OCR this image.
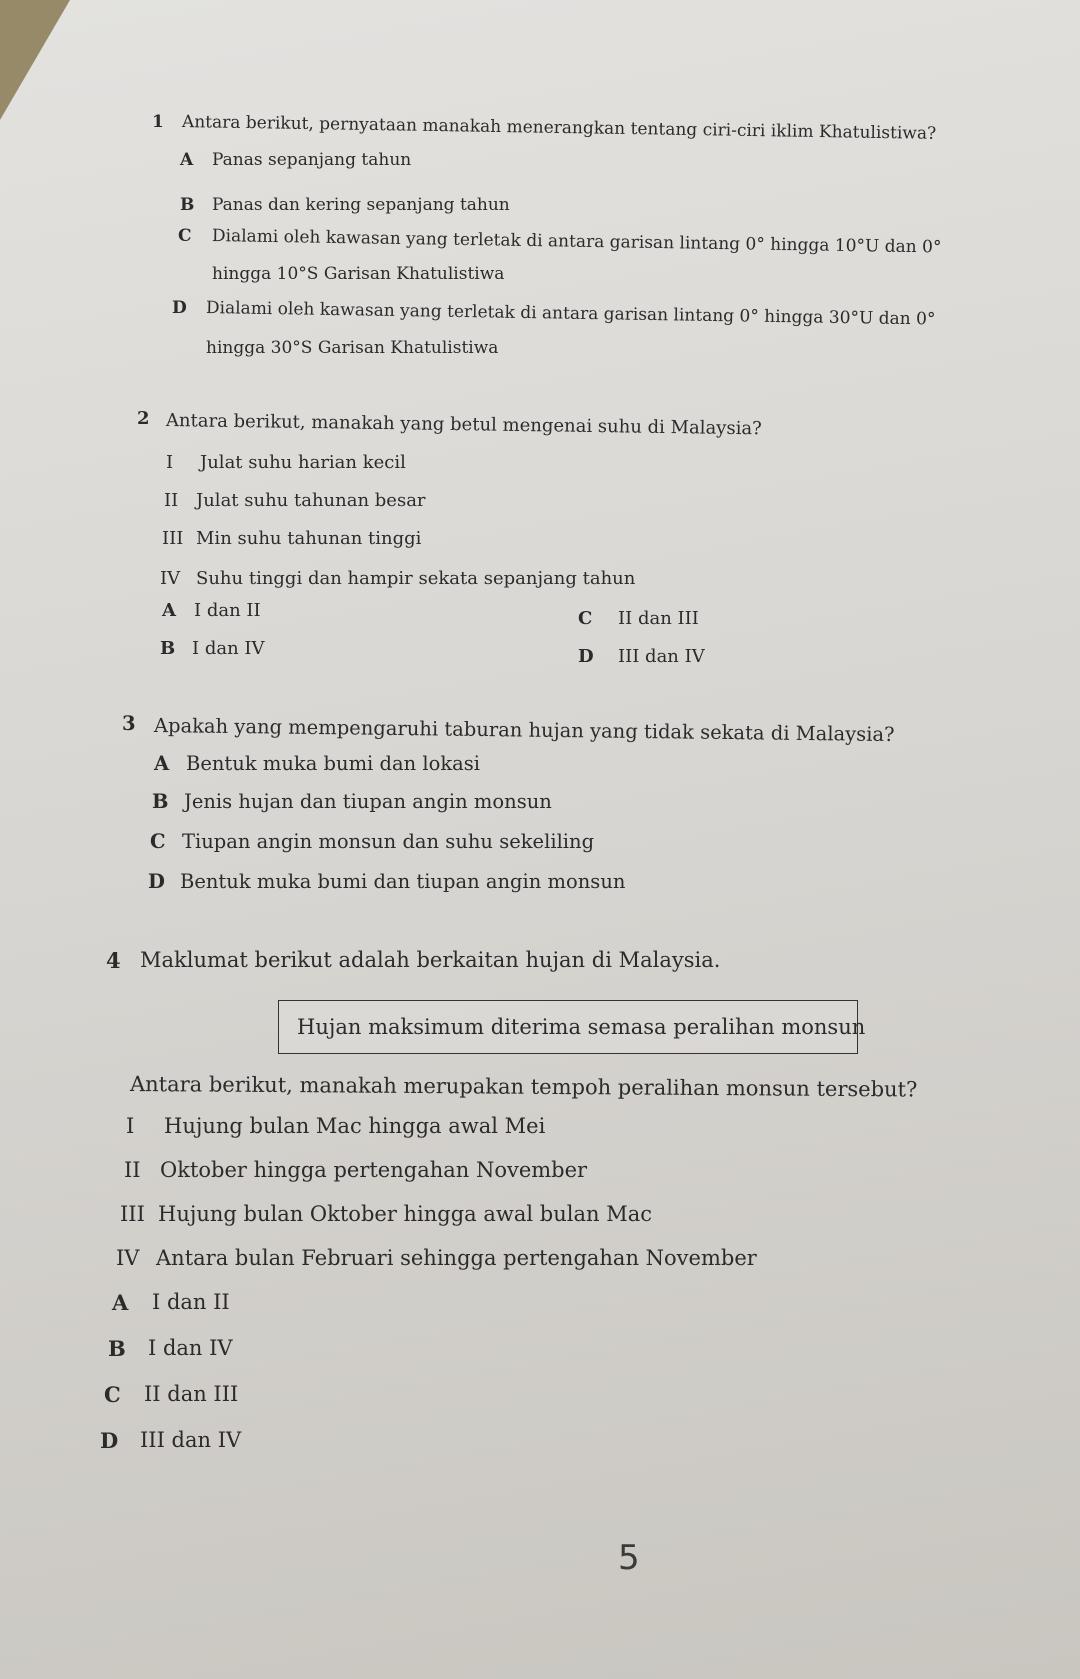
1 Antara berikut, pernyataan manakah menerangkan tentang ciri-ciri iklim Khatulistiwa?
A Panas sepanjang tahun
B Panas dan kering sepanjang tahun
C Dialami oleh kawasan yang terletak di antara garisan lintang 0° hingga 10°U dan 0°
hingga 10°S Garisan Khatulistiwa
D Dialami oleh kawasan yang terletak di antara garisan lintang 0° hingga 30°U dan 0°
hingga 30°S Garisan Khatulistiwa
2 Antara berikut, manakah yang betul mengenai suhu di Malaysia?
I Julat suhu harian kecil
II Julat suhu tahunan besar
III Min suhu tahunan tinggi
IV Suhu tinggi dan hampir sekata sepanjang tahun
A I dan II
B I dan IV
C II dan III
D III dan IV
3 Apakah yang mempengaruhi taburan hujan yang tidak sekata di Malaysia?
A Bentuk muka bumi dan lokasi
B Jenis hujan dan tiupan angin monsun
C Tiupan angin monsun dan suhu sekeliling
D Bentuk muka bumi dan tiupan angin monsun
4 Maklumat berikut adalah berkaitan hujan di Malaysia.
Hujan maksimum diterima semasa peralihan monsun
Antara berikut, manakah merupakan tempoh peralihan monsun tersebut?
I Hujung bulan Mac hingga awal Mei
II Oktober hingga pertengahan November
III Hujung bulan Oktober hingga awal bulan Mac
IV Antara bulan Februari sehingga pertengahan November
A I dan II
B I dan IV
C II dan III
D III dan IV
5
